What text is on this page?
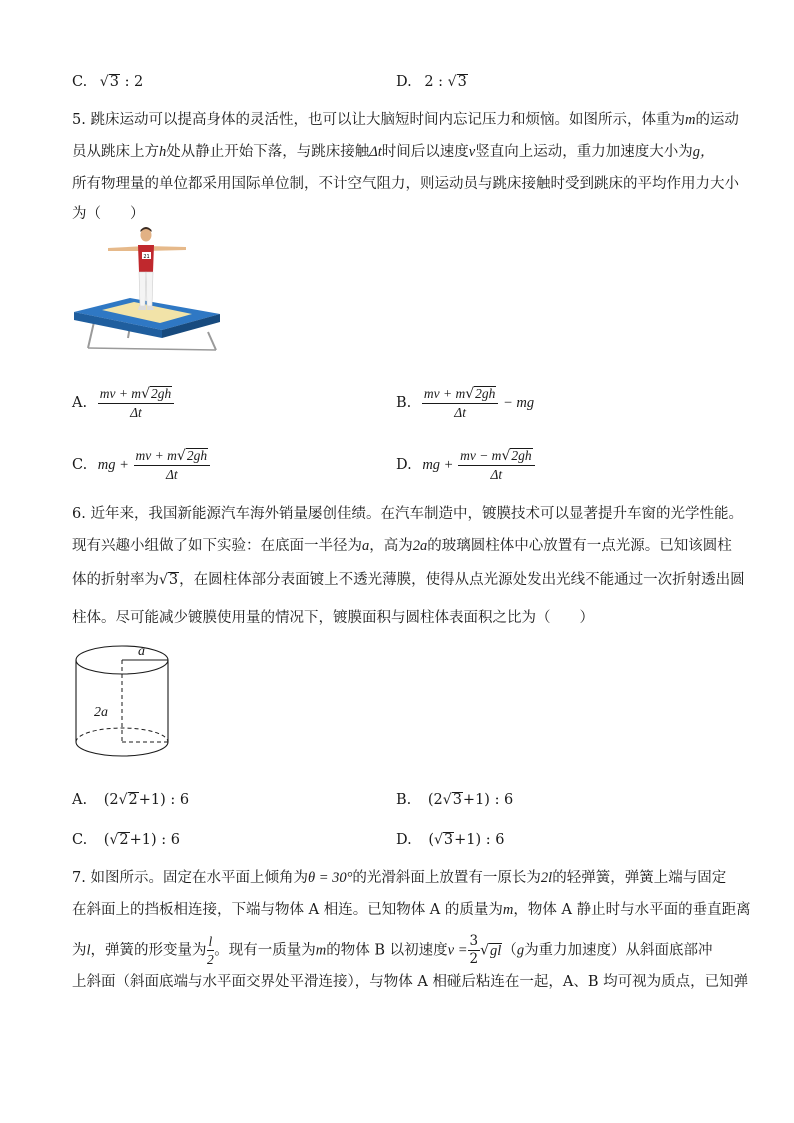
C. √3 : 2	D. 2 : √3
5. 跳床运动可以提高身体的灵活性，也可以让大脑短时间内忘记压力和烦恼。如图所示，体重为m的运动
员从跳床上方h处从静止开始下落，与跳床接触Δt时间后以速度v竖直向上运动，重力加速度大小为g，
所有物理量的单位都采用国际单位制，不计空气阻力，则运动员与跳床接触时受到跳床的平均作用力大小
为（　　）
21
A. $\frac{mv + m√2gh}{\Delta t}$	B. $\frac{mv + m√2gh}{\Delta t}$ − mg
C. mg + $\frac{mv + m√2gh}{\Delta t}$	D. mg + $\frac{mv - m√2gh}{\Delta t}$
6. 近年来，我国新能源汽车海外销量屡创佳绩。在汽车制造中，镀膜技术可以显著提升车窗的光学性能。
现有兴趣小组做了如下实验：在底面一半径为a，高为2a的玻璃圆柱体中心放置有一点光源。已知该圆柱
体的折射率为√3，在圆柱体部分表面镀上不透光薄膜，使得从点光源处发出光线不能通过一次折射透出圆
柱体。尽可能减少镀膜使用量的情况下，镀膜面积与圆柱体表面积之比为（　　）
a
2a
A. (2√2+1) : 6	B. (2√3+1) : 6
C. (√2+1) : 6	D. (√3+1) : 6
7. 如图所示。固定在水平面上倾角为θ = 30°的光滑斜面上放置有一原长为2l的轻弹簧，弹簧上端与固定
在斜面上的挡板相连接，下端与物体 A 相连。已知物体 A 的质量为m，物体 A 静止时与水平面的垂直距离
为l，弹簧的形变量为 $\frac{l}{2}$ 。现有一质量为m的物体 B 以初速度$v = \frac{3}{2} √gl(g$为重力加速度）从斜面底部冲
上斜面（斜面底端与水平面交界处平滑连接），与物体 A 相碰后粘连在一起，A、B 均可视为质点，已知弹
